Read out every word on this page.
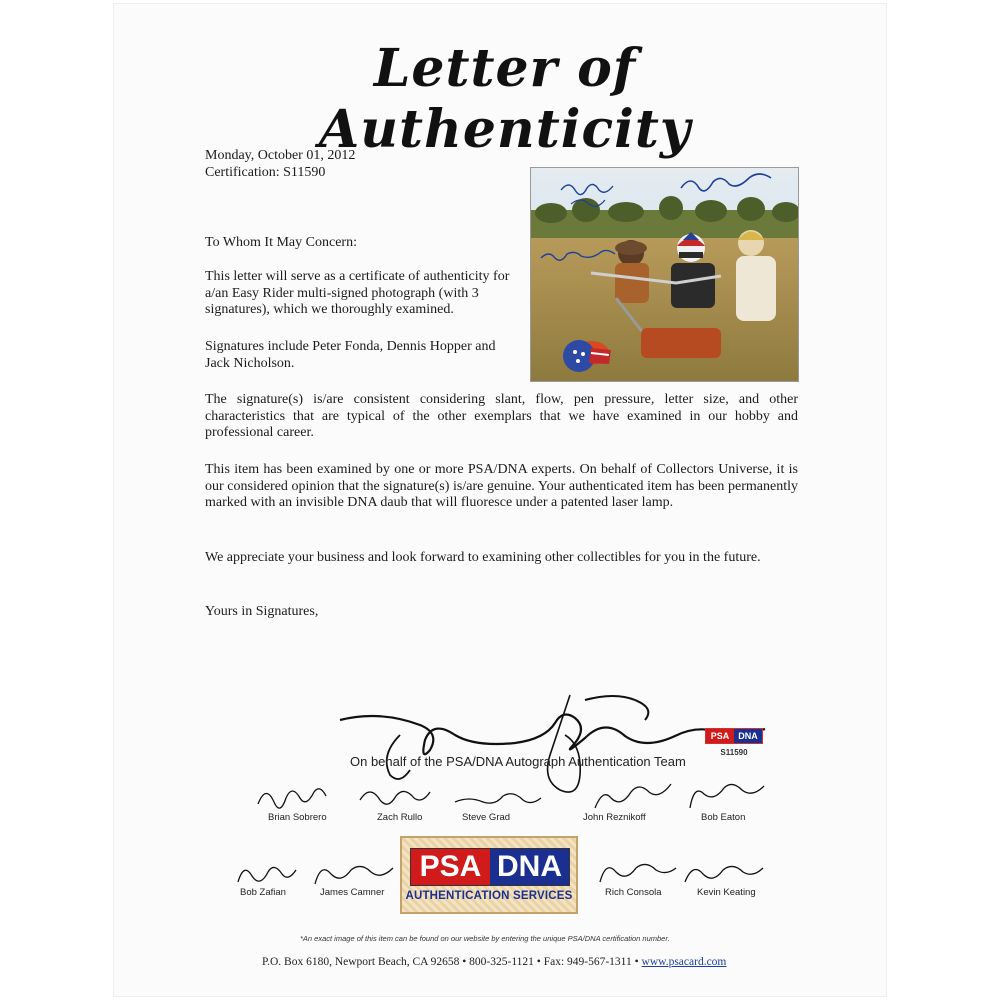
Letter of Authenticity
Monday, October 01, 2012
Certification: S11590
To Whom It May Concern:
This letter will serve as a certificate of authenticity for a/an Easy Rider multi-signed photograph (with 3 signatures), which we thoroughly examined.
Signatures include Peter Fonda, Dennis Hopper and Jack Nicholson.
The signature(s) is/are consistent considering slant, flow, pen pressure, letter size, and other characteristics that are typical of the other exemplars that we have examined in our hobby and professional career.
This item has been examined by one or more PSA/DNA experts. On behalf of Collectors Universe, it is our considered opinion that the signature(s) is/are genuine. Your authenticated item has been permanently marked with an invisible DNA daub that will fluoresce under a patented laser lamp.
We appreciate your business and look forward to examining other collectibles for you in the future.
Yours in Signatures,
On behalf of the PSA/DNA Autograph Authentication Team
PSA	DNA
S11590
Brian Sobrero	Zach Rullo	Steve Grad	John Reznikoff	Bob Eaton
Bob Zafian	James Camner	Rich Consola	Kevin Keating
PSA DNA
AUTHENTICATION SERVICES
*An exact image of this item can be found on our website by entering the unique PSA/DNA certification number.
P.O. Box 6180, Newport Beach, CA 92658 • 800-325-1121 • Fax: 949-567-1311 • www.psacard.com
